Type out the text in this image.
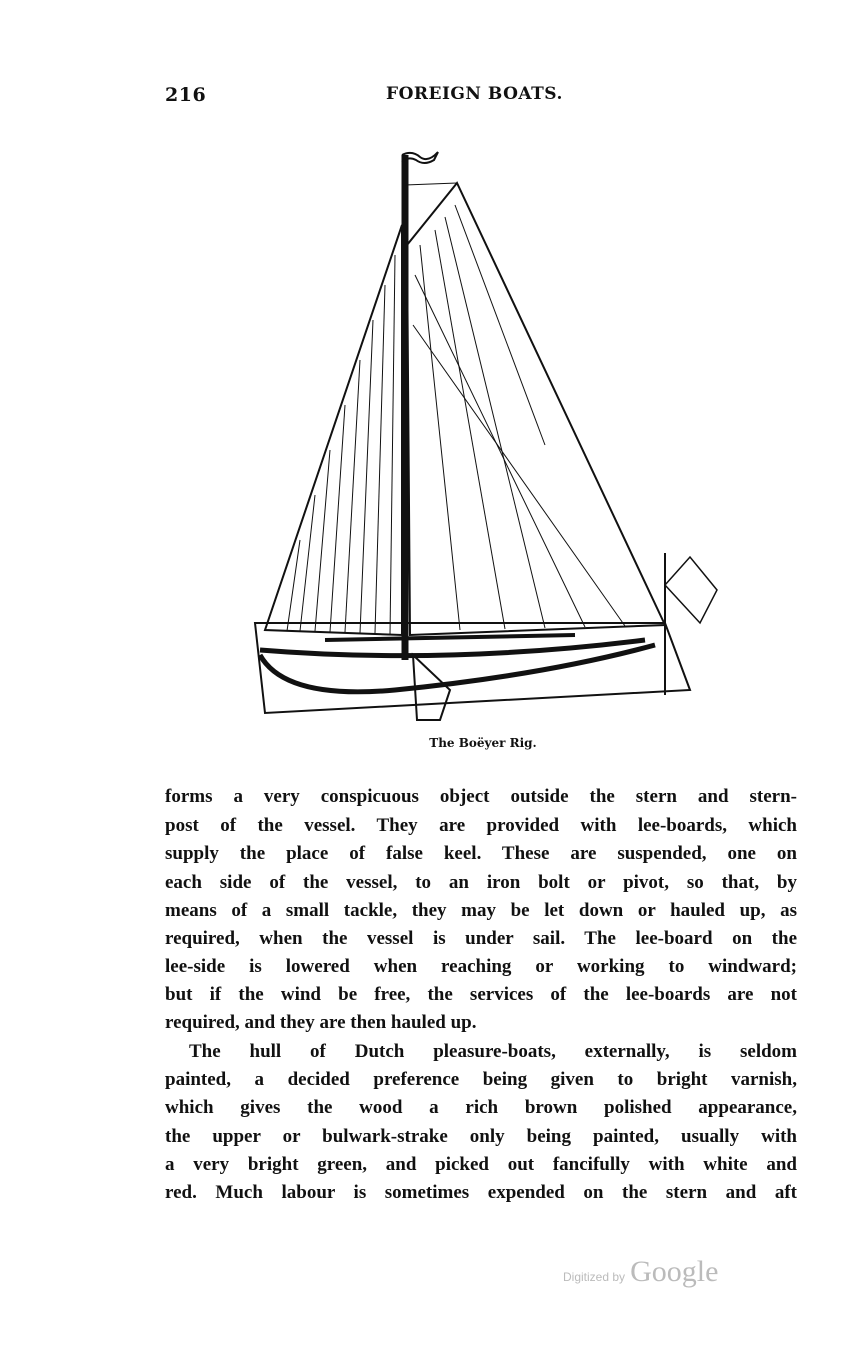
216	FOREIGN BOATS.
The Boëyer Rig.
forms a very conspicuous object outside the stern and stern-
post of the vessel. They are provided with lee-boards, which
supply the place of false keel. These are suspended, one on
each side of the vessel, to an iron bolt or pivot, so that, by
means of a small tackle, they may be let down or hauled up, as
required, when the vessel is under sail. The lee-board on the
lee-side is lowered when reaching or working to windward;
but if the wind be free, the services of the lee-boards are not
required, and they are then hauled up.
The hull of Dutch pleasure-boats, externally, is seldom
painted, a decided preference being given to bright varnish,
which gives the wood a rich brown polished appearance,
the upper or bulwark-strake only being painted, usually with
a very bright green, and picked out fancifully with white and
red. Much labour is sometimes expended on the stern and aft
Digitized by Google
